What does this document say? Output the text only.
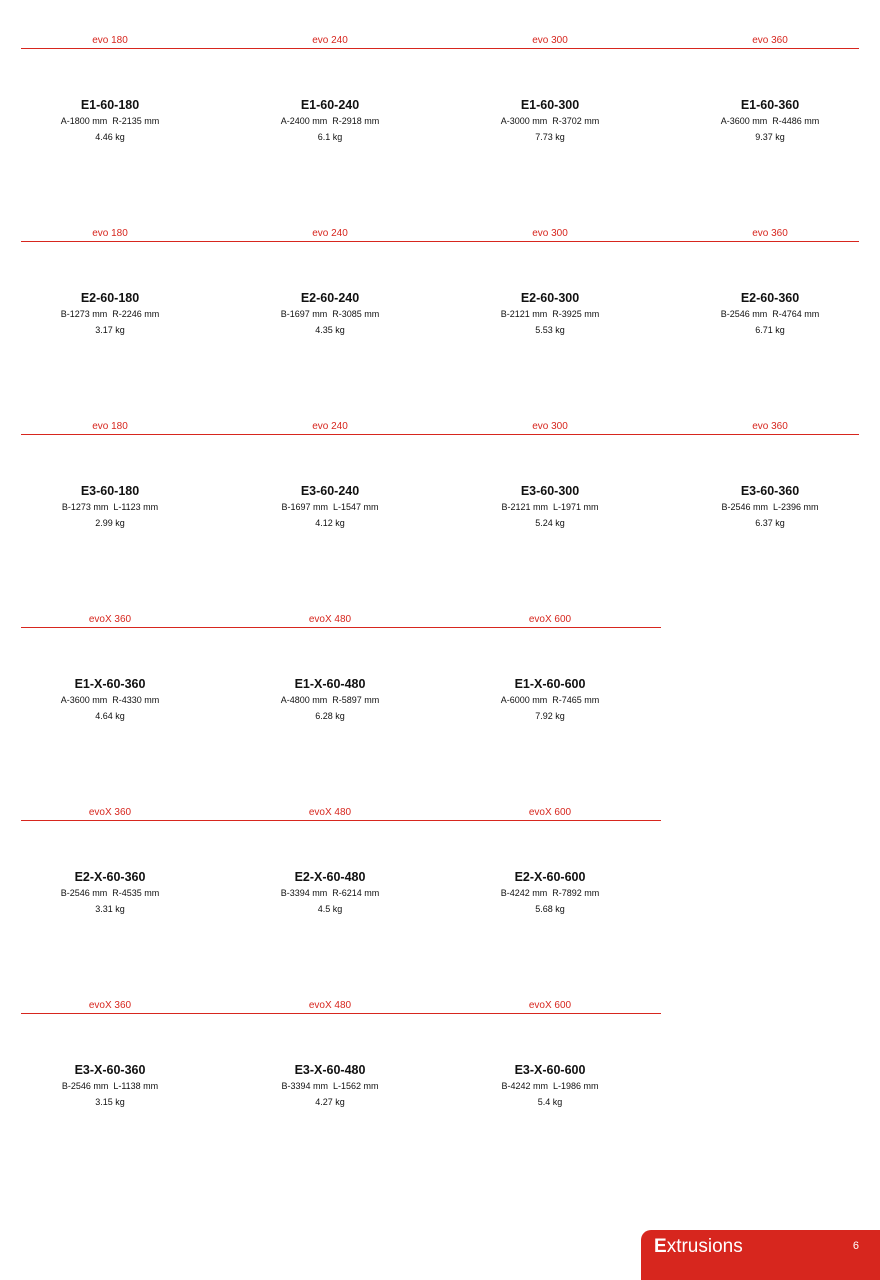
evo 180
E1-60-180
A-1800 mm  R-2135 mm
4.46 kg
evo 240
E1-60-240
A-2400 mm  R-2918 mm
6.1 kg
evo 300
E1-60-300
A-3000 mm  R-3702 mm
7.73 kg
evo 360
E1-60-360
A-3600 mm  R-4486 mm
9.37 kg
evo 180
E2-60-180
B-1273 mm  R-2246 mm
3.17 kg
evo 240
E2-60-240
B-1697 mm  R-3085 mm
4.35 kg
evo 300
E2-60-300
B-2121 mm  R-3925 mm
5.53 kg
evo 360
E2-60-360
B-2546 mm  R-4764 mm
6.71 kg
evo 180
E3-60-180
B-1273 mm  L-1123 mm
2.99 kg
evo 240
E3-60-240
B-1697 mm  L-1547 mm
4.12 kg
evo 300
E3-60-300
B-2121 mm  L-1971 mm
5.24 kg
evo 360
E3-60-360
B-2546 mm  L-2396 mm
6.37 kg
evoX 360
E1-X-60-360
A-3600 mm  R-4330 mm
4.64 kg
evoX 480
E1-X-60-480
A-4800 mm  R-5897 mm
6.28 kg
evoX 600
E1-X-60-600
A-6000 mm  R-7465 mm
7.92 kg
evoX 360
E2-X-60-360
B-2546 mm  R-4535 mm
3.31 kg
evoX 480
E2-X-60-480
B-3394 mm  R-6214 mm
4.5 kg
evoX 600
E2-X-60-600
B-4242 mm  R-7892 mm
5.68 kg
evoX 360
E3-X-60-360
B-2546 mm  L-1138 mm
3.15 kg
evoX 480
E3-X-60-480
B-3394 mm  L-1562 mm
4.27 kg
evoX 600
E3-X-60-600
B-4242 mm  L-1986 mm
5.4 kg
Extrusions	6
